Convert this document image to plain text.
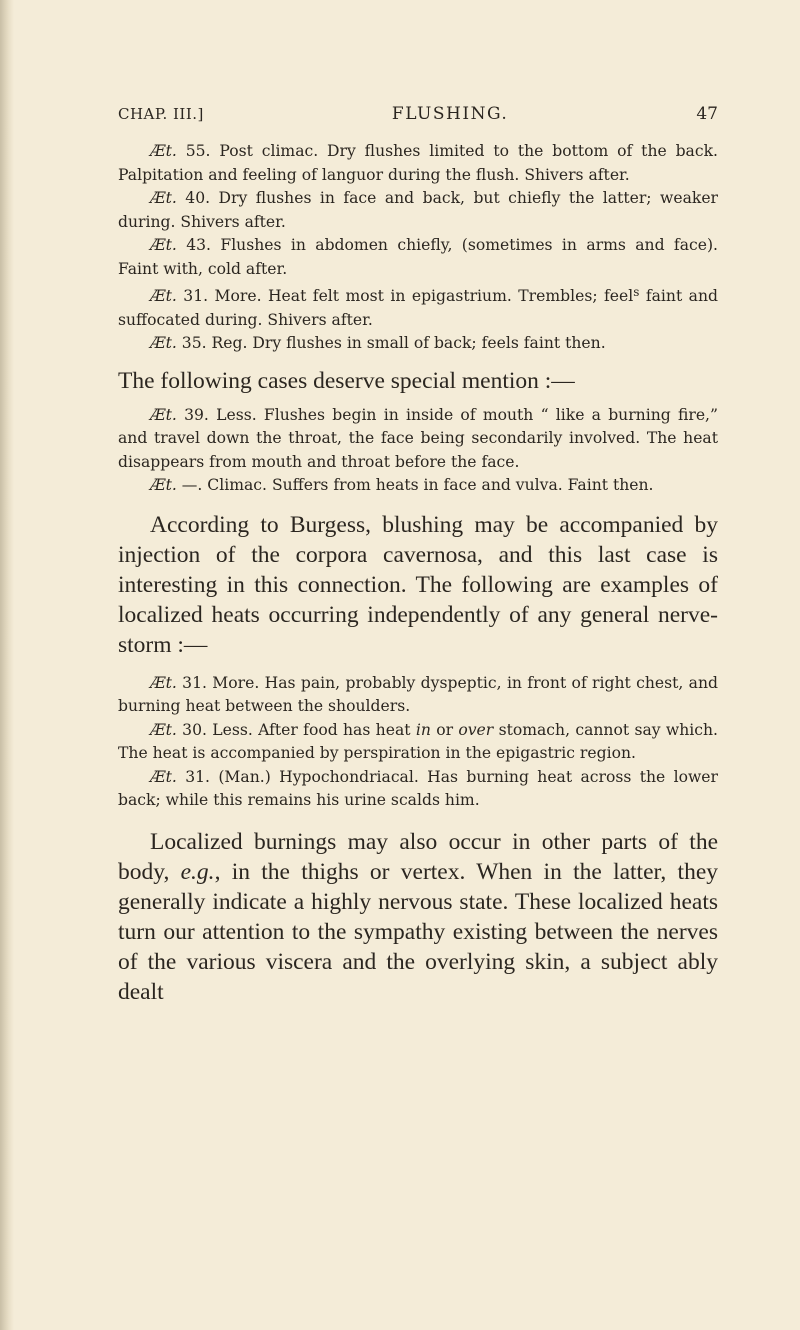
CHAP. III.]	FLUSHING.	47

Æt. 55. Post climac. Dry flushes limited to the bottom of the back. Palpitation and feeling of languor during the flush. Shivers after.

Æt. 40. Dry flushes in face and back, but chiefly the latter; weaker during. Shivers after.

Æt. 43. Flushes in abdomen chiefly, (sometimes in arms and face). Faint with, cold after.

Æt. 31. More. Heat felt most in epigastrium. Trembles; feel$^s$ faint and suffocated during. Shivers after.

Æt. 35. Reg. Dry flushes in small of back; feels faint then.

The following cases deserve special mention :—

Æt. 39. Less. Flushes begin in inside of mouth “ like a burning fire,” and travel down the throat, the face being secondarily involved. The heat disappears from mouth and throat before the face.

Æt. —. Climac. Suffers from heats in face and vulva. Faint then.

According to Burgess, blushing may be accompanied by injection of the corpora cavernosa, and this last case is interesting in this connection. The following are examples of localized heats occurring independently of any general nerve-storm :—

Æt. 31. More. Has pain, probably dyspeptic, in front of right chest, and burning heat between the shoulders.

Æt. 30. Less. After food has heat in or over stomach, cannot say which. The heat is accompanied by perspiration in the epigastric region.

Æt. 31. (Man.) Hypochondriacal. Has burning heat across the lower back; while this remains his urine scalds him.

Localized burnings may also occur in other parts of the body, e.g., in the thighs or vertex. When in the latter, they generally indicate a highly nervous state. These localized heats turn our attention to the sympathy existing between the nerves of the various viscera and the overlying skin, a subject ably dealt
